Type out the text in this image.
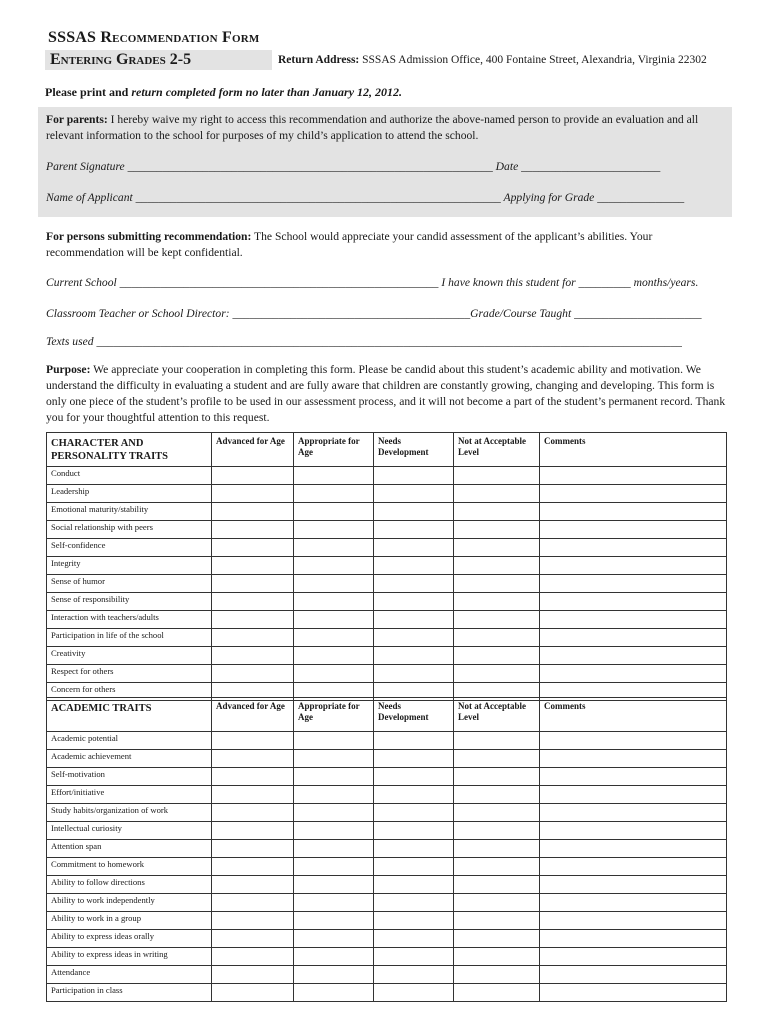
SSSAS Recommendation Form
Entering Grades 2-5	Return Address: SSSAS Admission Office, 400 Fontaine Street, Alexandria, Virginia 22302
Please print and return completed form no later than January 12, 2012.
For parents: I hereby waive my right to access this recommendation and authorize the above-named person to provide an evaluation and all relevant information to the school for purposes of my child’s application to attend the school.
Parent Signature _______________________________________________________________ Date ________________________
Name of Applicant _______________________________________________________________ Applying for Grade _______________
For persons submitting recommendation: The School would appreciate your candid assessment of the applicant’s abilities. Your recommendation will be kept confidential.
Current School _______________________________________________________ I have known this student for _________ months/years.
Classroom Teacher or School Director: _________________________________________Grade/Course Taught ______________________
Texts used _____________________________________________________________________________________________________
Purpose: We appreciate your cooperation in completing this form. Please be candid about this student’s academic ability and motivation. We understand the difficulty in evaluating a student and are fully aware that children are constantly growing, changing and developing. This form is only one piece of the student’s profile to be used in our assessment process, and it will not become a part of the student’s permanent record. Thank you for your thoughtful attention to this request.
CHARACTER AND PERSONALITY TRAITS	Advanced for Age	Appropriate for Age	Needs Development	Not at Acceptable Level	Comments
Conduct					
Leadership					
Emotional maturity/stability					
Social relationship with peers					
Self-confidence					
Integrity					
Sense of humor					
Sense of responsibility					
Interaction with teachers/adults					
Participation in life of the school					
Creativity					
Respect for others					
Concern for others					
ACADEMIC TRAITS	Advanced for Age	Appropriate for Age	Needs Development	Not at Acceptable Level	Comments
Academic potential					
Academic achievement					
Self-motivation					
Effort/initiative					
Study habits/organization of work					
Intellectual curiosity					
Attention span					
Commitment to homework					
Ability to follow directions					
Ability to work independently					
Ability to work in a group					
Ability to express ideas orally					
Ability to express ideas in writing					
Attendance					
Participation in class					
